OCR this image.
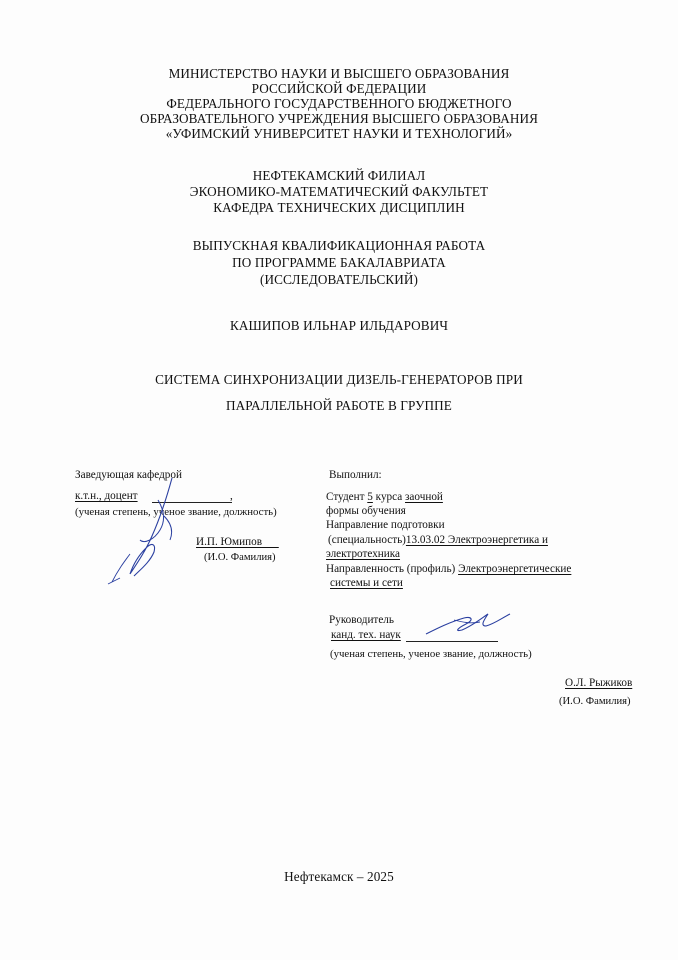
МИНИСТЕРСТВО НАУКИ И ВЫСШЕГО ОБРАЗОВАНИЯ
РОССИЙСКОЙ ФЕДЕРАЦИИ
ФЕДЕРАЛЬНОГО ГОСУДАРСТВЕННОГО БЮДЖЕТНОГО
ОБРАЗОВАТЕЛЬНОГО УЧРЕЖДЕНИЯ ВЫСШЕГО ОБРАЗОВАНИЯ
«УФИМСКИЙ УНИВЕРСИТЕТ НАУКИ И ТЕХНОЛОГИЙ»
НЕФТЕКАМСКИЙ ФИЛИАЛ
ЭКОНОМИКО-МАТЕМАТИЧЕСКИЙ ФАКУЛЬТЕТ
КАФЕДРА ТЕХНИЧЕСКИХ ДИСЦИПЛИН
ВЫПУСКНАЯ КВАЛИФИКАЦИОННАЯ РАБОТА
ПО ПРОГРАММЕ БАКАЛАВРИАТА
(ИССЛЕДОВАТЕЛЬСКИЙ)
КАШИПОВ ИЛЬНАР ИЛЬДАРОВИЧ
СИСТЕМА СИНХРОНИЗАЦИИ ДИЗЕЛЬ-ГЕНЕРАТОРОВ ПРИ
ПАРАЛЛЕЛЬНОЙ РАБОТЕ В ГРУППЕ
Заведующая кафедрой
к.т.н., доцент	,
(ученая степень, ученое звание, должность)
И.П. Юмипов
(И.О. Фамилия)
Выполнил:
Студент 5 курса заочной
формы обучения
Направление подготовки
(специальность)13.03.02 Электроэнергетика и
электротехника
Направленность (профиль) Электроэнергетические
системы и сети
Руководитель
канд. тех. наук
(ученая степень, ученое звание, должность)
О.Л. Рыжиков
(И.О. Фамилия)
Нефтекамск – 2025
